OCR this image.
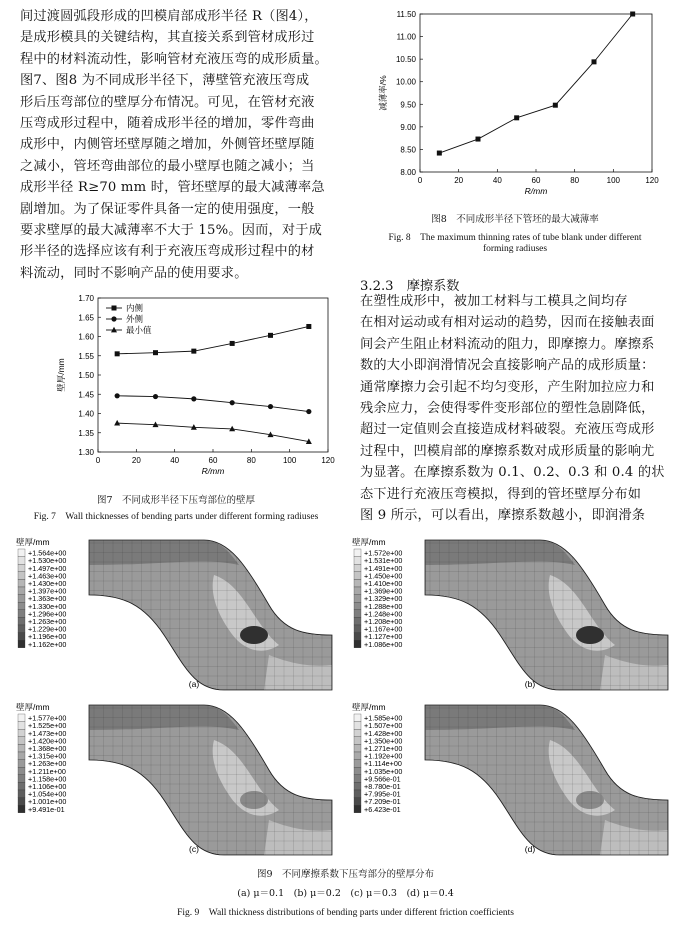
间过渡圆弧段形成的凹模肩部成形半径 R（图4），
是成形模具的关键结构，其直接关系到管材成形过
程中的材料流动性，影响管材充液压弯的成形质量。
图7、图8 为不同成形半径下，薄壁管充液压弯成
形后压弯部位的壁厚分布情况。可见，在管材充液
压弯成形过程中，随着成形半径的增加，零件弯曲
成形中，内侧管坯壁厚随之增加，外侧管坯壁厚随
之减小，管坯弯曲部位的最小壁厚也随之减小；当
成形半径 R≥70 mm 时，管坯壁厚的最大减薄率急
剧增加。为了保证零件具备一定的使用强度，一般
要求壁厚的最大减薄率不大于 15%。因而，对于成
形半径的选择应该有利于充液压弯成形过程中的材
料流动，同时不影响产品的使用要求。
3.2.3　摩擦系数
在塑性成形中，被加工材料与工模具之间均存
在相对运动或有相对运动的趋势，因而在接触表面
间会产生阻止材料流动的阻力，即摩擦力。摩擦系
数的大小即润滑情况会直接影响产品的成形质量：
通常摩擦力会引起不均匀变形，产生附加拉应力和
残余应力，会使得零件变形部位的塑性急剧降低，
超过一定值则会直接造成材料破裂。充液压弯成形
过程中，凹模肩部的摩擦系数对成形质量的影响尤
为显著。在摩擦系数为 0.1、0.2、0.3 和 0.4 的状
态下进行充液压弯模拟，得到的管坯壁厚分布如
图 9 所示，可以看出，摩擦系数越小，即润滑条
1.30
1.35
1.40
1.45
1.50
1.55
1.60
1.65
1.70
0	20	40	60	80	100	120
R/mm
壁厚/mm
内侧
外侧
最小值
图7　不同成形半径下压弯部位的壁厚
Fig. 7　Wall thicknesses of bending parts under different forming radiuses
8.00
8.50
9.00
9.50
10.00
10.50
11.00
11.50
0	20	40	60	80	100	120
R/mm
减薄率/%
图8　不同成形半径下管坯的最大减薄率
Fig. 8　The maximum thinning rates of tube blank under different
forming radiuses
壁厚/mm
+1.564e+00
+1.530e+00
+1.497e+00
+1.463e+00
+1.430e+00
+1.397e+00
+1.363e+00
+1.330e+00
+1.296e+00
+1.263e+00
+1.229e+00
+1.196e+00
+1.162e+00
(a)
壁厚/mm
+1.572e+00
+1.531e+00
+1.491e+00
+1.450e+00
+1.410e+00
+1.369e+00
+1.329e+00
+1.288e+00
+1.248e+00
+1.208e+00
+1.167e+00
+1.127e+00
+1.086e+00
(b)
壁厚/mm
+1.577e+00
+1.525e+00
+1.473e+00
+1.420e+00
+1.368e+00
+1.315e+00
+1.263e+00
+1.211e+00
+1.158e+00
+1.106e+00
+1.054e+00
+1.001e+00
+9.491e-01
(c)
壁厚/mm
+1.585e+00
+1.507e+00
+1.428e+00
+1.350e+00
+1.271e+00
+1.192e+00
+1.114e+00
+1.035e+00
+9.566e-01
+8.780e-01
+7.995e-01
+7.209e-01
+6.423e-01
(d)
图9　不同摩擦系数下压弯部分的壁厚分布
(a) μ＝0.1　(b) μ＝0.2　(c) μ＝0.3　(d) μ＝0.4
Fig. 9　Wall thickness distributions of bending parts under different friction coefficients
